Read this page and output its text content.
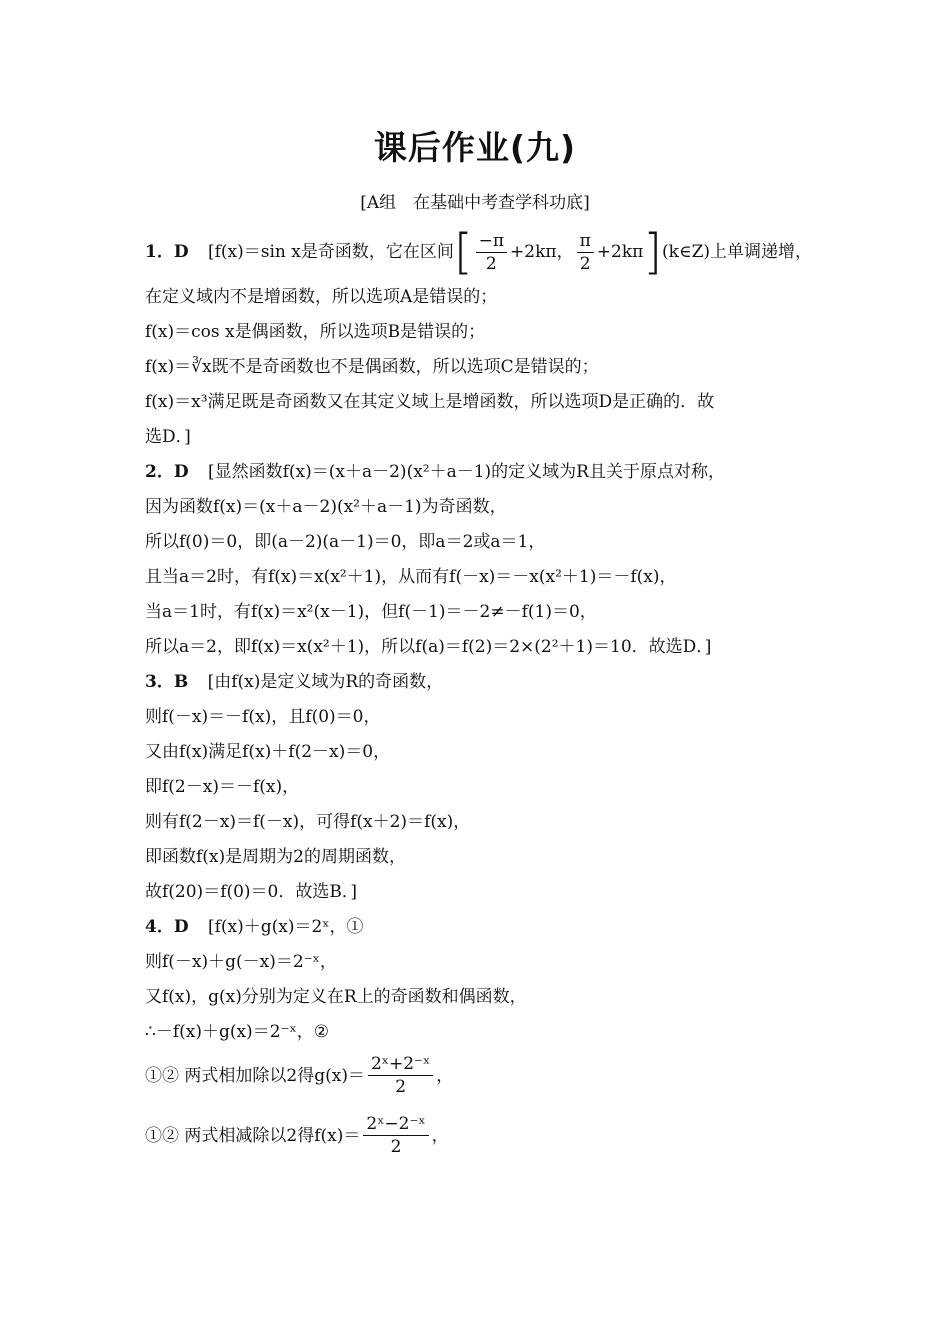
课后作业(九)
[A组　在基础中考查学科功底]
1．D [f(x)＝sin x是奇函数，它在区间[ $\frac{-\pi}{2} +2k\pi$， $\frac{\pi}{2}$ +2kπ](k∈Z)上单调递增，
在定义域内不是增函数，所以选项A是错误的；
f(x)＝cos x是偶函数，所以选项B是错误的；
f(x)＝∛x既不是奇函数也不是偶函数，所以选项C是错误的；
f(x)＝x³满足既是奇函数又在其定义域上是增函数，所以选项D是正确的．故
选D．]
2．D [显然函数f(x)＝(x＋a－2)(x²＋a－1)的定义域为R且关于原点对称，
因为函数f(x)＝(x＋a－2)(x²＋a－1)为奇函数，
所以f(0)＝0，即(a－2)(a－1)＝0，即a＝2或a＝1，
且当a＝2时，有f(x)＝x(x²＋1)，从而有f(－x)＝－x(x²＋1)＝－f(x)，
当a＝1时，有f(x)＝x²(x－1)，但f(－1)＝－2≠－f(1)＝0，
所以a＝2，即f(x)＝x(x²＋1)，所以f(a)＝f(2)＝2×(2²＋1)＝10．故选D．]
3．B [由f(x)是定义域为R的奇函数，
则f(－x)＝－f(x)，且f(0)＝0，
又由f(x)满足f(x)＋f(2－x)＝0，
即f(2－x)＝－f(x)，
则有f(2－x)＝f(－x)，可得f(x＋2)＝f(x)，
即函数f(x)是周期为2的周期函数，
故f(20)＝f(0)＝0．故选B．]
4．D [f(x)＋g(x)＝2ˣ，①
则f(－x)＋g(－x)＝2⁻ˣ，
又f(x)，g(x)分别为定义在R上的奇函数和偶函数，
∴－f(x)＋g(x)＝2⁻ˣ，②
①② 两式相加除以2得$g(x)= \frac{\text{2ˣ+2⁻ˣ}}{2}$ ，
①② 两式相减除以2得$f(x)= \frac{\text{2ˣ−2⁻ˣ}}{2}$ ，
